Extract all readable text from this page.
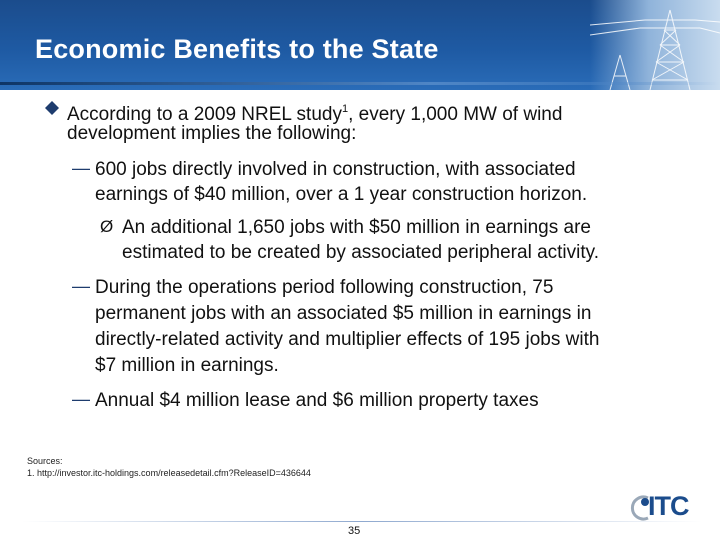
Economic Benefits to the State
According to a 2009 NREL study$^1$, every 1,000 MW of wind
development implies the following:
— 600 jobs directly involved in construction, with associated
earnings of $40 million, over a 1 year construction horizon.
Ø An additional 1,650 jobs with $50 million in earnings are
estimated to be created by associated peripheral activity.
— During the operations period following construction, 75
permanent jobs with an associated $5 million in earnings in
directly-related activity and multiplier effects of 195 jobs with
$7 million in earnings.
— Annual $4 million lease and $6 million property taxes
Sources:
1. http://investor.itc-holdings.com/releasedetail.cfm?ReleaseID=436644
35
ITC
